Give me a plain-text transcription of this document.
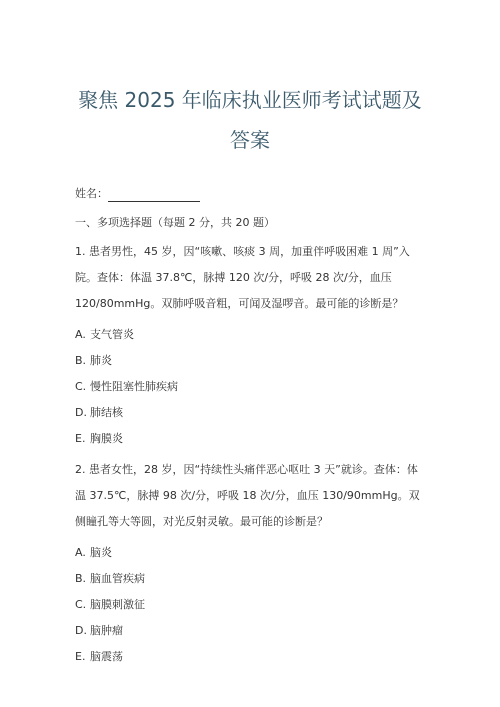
聚焦 2025 年临床执业医师考试试题及
答案
姓名：
一、多项选择题（每题 2 分，共 20 题）
1. 患者男性，45 岁，因“咳嗽、咳痰 3 周，加重伴呼吸困难 1 周”入院。查体：体温 37.8℃，脉搏 120 次/分，呼吸 28 次/分，血压 120/80mmHg。双肺呼吸音粗，可闻及湿啰音。最可能的诊断是？
A. 支气管炎
B. 肺炎
C. 慢性阻塞性肺疾病
D. 肺结核
E. 胸膜炎
2. 患者女性，28 岁，因“持续性头痛伴恶心呕吐 3 天”就诊。查体：体温 37.5℃，脉搏 98 次/分，呼吸 18 次/分，血压 130/90mmHg。双侧瞳孔等大等圆，对光反射灵敏。最可能的诊断是？
A. 脑炎
B. 脑血管疾病
C. 脑膜刺激征
D. 脑肿瘤
E. 脑震荡
